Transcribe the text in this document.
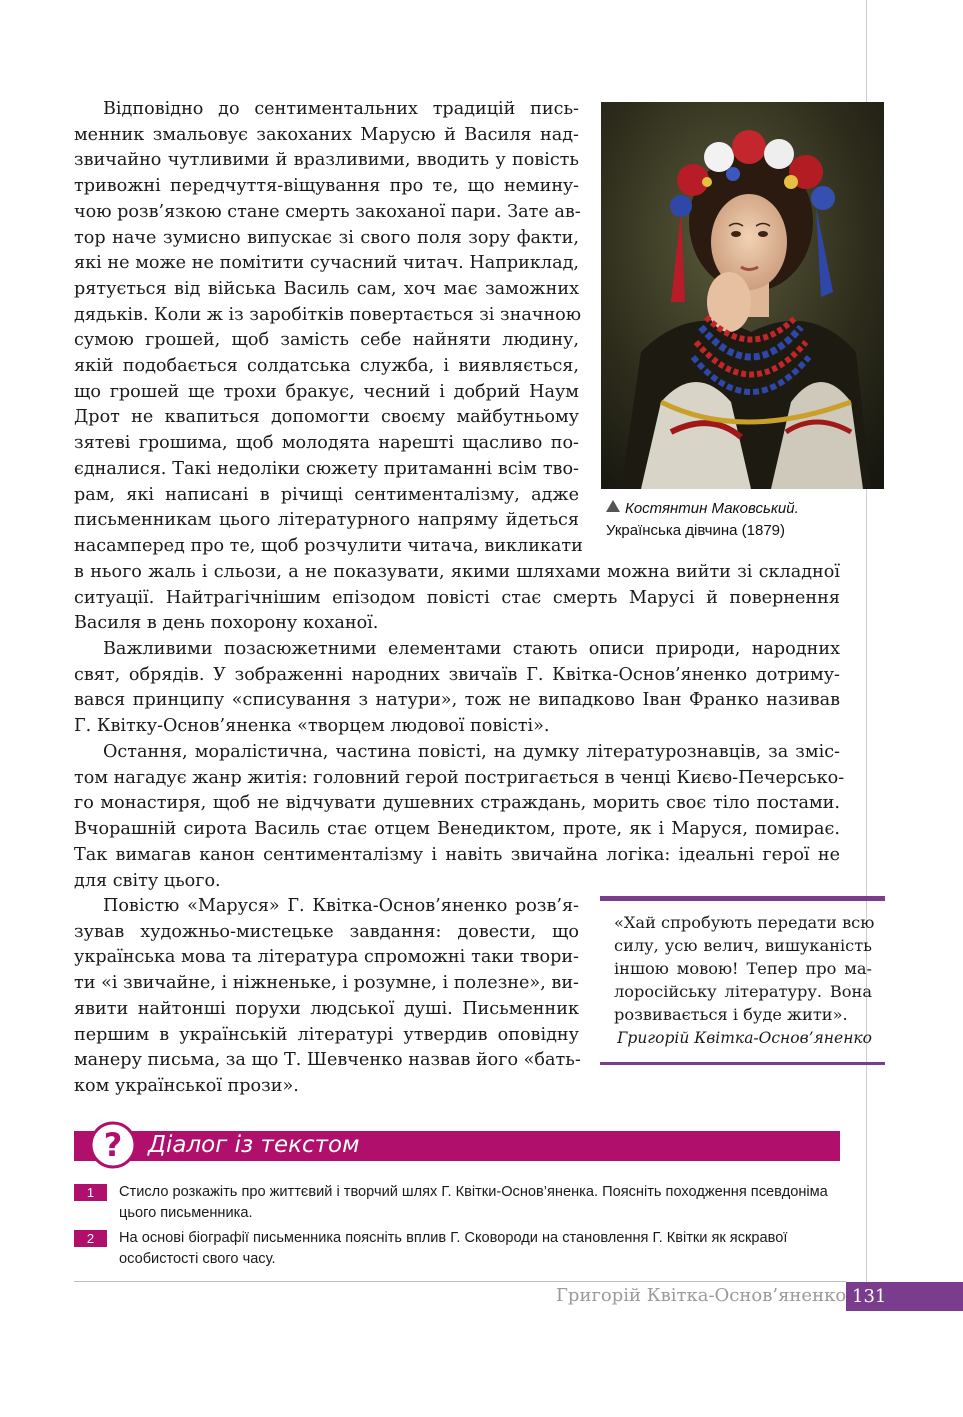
Костянтин Маковський.
Українська дівчина (1879)
Відповідно до сентиментальних традицій пись-
менник змальовує закоханих Марусю й Василя над-
звичайно чутливими й вразливими, вводить у повість
тривожні передчуття-віщування про те, що неминy-
чою розв’язкою стане смерть закоханої пари. Зате ав-
тор наче зумисно випускає зі свого поля зору факти,
які не може не помітити сучасний читач. Наприклад,
рятується від війська Василь сам, хоч має заможних
дядьків. Коли ж із заробітків повертається зі значною
сумою грошей, щоб замість себе найняти людину,
якій подобається солдатська служба, і виявляється,
що грошей ще трохи бракує, чесний і добрий Наум
Дрот не квапиться допомогти своєму майбутньому
зятеві грошима, щоб молодята нарешті щасливо по-
єдналися. Такі недоліки сюжету притаманні всім тво-
рам, які написані в річищі сентименталізму, адже
письменникам цього літературного напряму йдеться
насамперед про те, щоб розчулити читача, викликати
в нього жаль і сльози, а не показувати, якими шляхами можна вийти зі складної
ситуації. Найтрагічнішим епізодом повісті стає смерть Марусі й повернення
Василя в день похорону коханої.
Важливими позасюжетними елементами стають описи природи, народних
свят, обрядів. У зображенні народних звичаїв Г. Квітка-Основ’яненко дотриму-
вався принципу «списування з натури», тож не випадково Іван Франко називав
Г. Квітку-Основ’яненка «творцем людової повісті».
Остання, моралістична, частина повісті, на думку літературознавців, за зміс-
том нагадує жанр житія: головний герой постригається в ченці Києво-Печерсько-
го монастиря, щоб не відчувати душевних страждань, морить своє тіло постами.
Вчорашній сирота Василь стає отцем Венедиктом, проте, як і Маруся, помирає.
Так вимагав канон сентименталізму і навіть звичайна логіка: ідеальні герої не
для світу цього.
Повістю «Маруся» Г. Квітка-Основ’яненко розв’я-
зував художньо-мистецьке завдання: довести, що
українська мова та література спроможні таки твори-
ти «і звичайне, і ніжненьке, і розумне, і полезне», ви-
явити найтонші порухи людської душі. Письменник
першим в українській літературі утвердив оповідну
манеру письма, за що Т. Шевченко назвав його «бать-
ком української прози».
«Хай спробують передати всю
силу, усю велич, вишуканість
іншою мовою! Тепер про ма-
лоросійську літературу. Вона
розвивається і буде жити».
Григорій Квітка-Основ’яненко
? Діалог із текстом
1	Стисло розкажіть про життєвий і творчий шлях Г. Квітки-Основ’яненка. Поясніть походження псевдоніма цього письменника.
2	На основі біографії письменника поясніть вплив Г. Сковороди на становлення Г. Квітки як яскравої особистості свого часу.
Григорій Квітка-Основ’яненко 131
